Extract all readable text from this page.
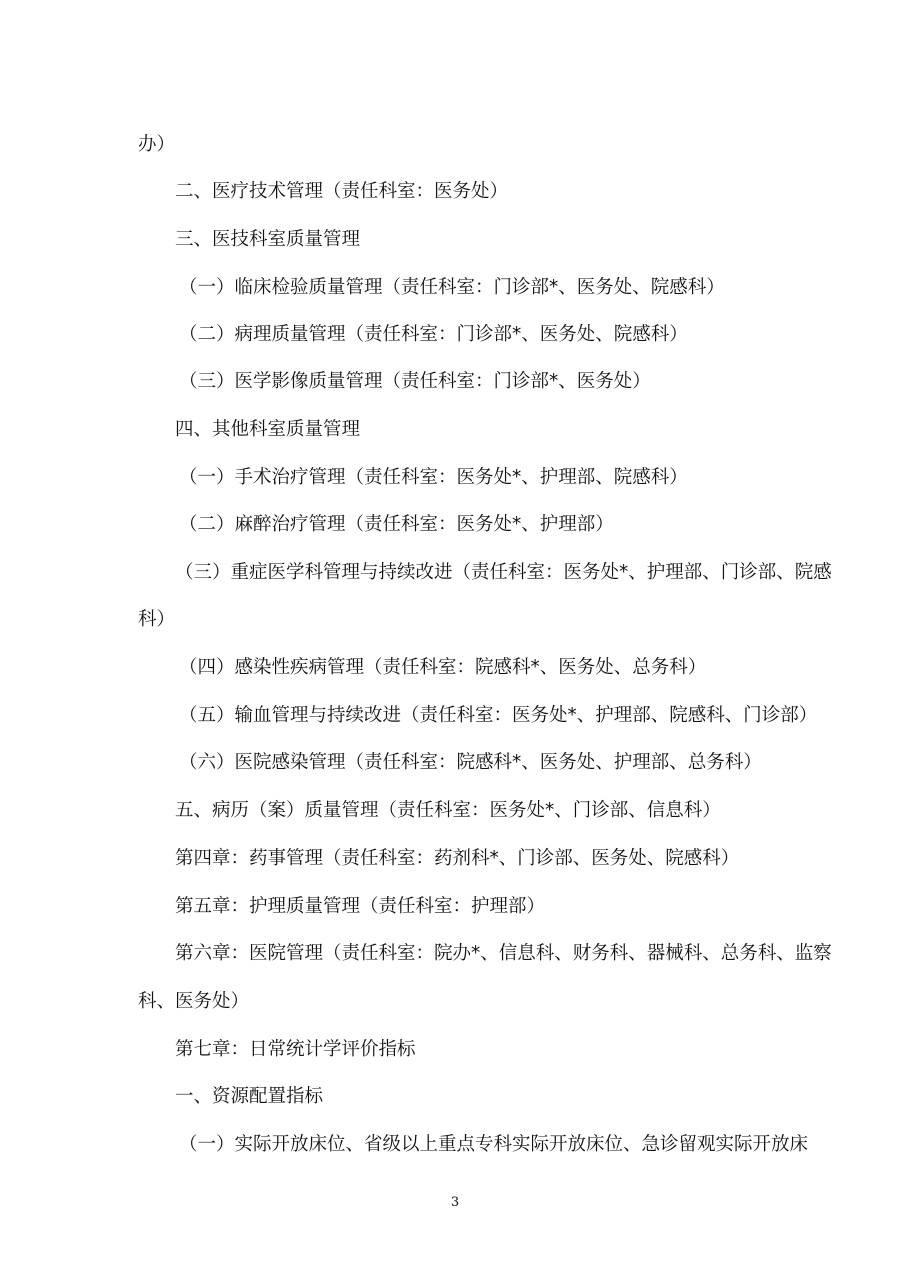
办）
二、医疗技术管理（责任科室：医务处）
三、医技科室质量管理
（一）临床检验质量管理（责任科室：门诊部*、医务处、院感科）
（二）病理质量管理（责任科室：门诊部*、医务处、院感科）
（三）医学影像质量管理（责任科室：门诊部*、医务处）
四、其他科室质量管理
（一）手术治疗管理（责任科室：医务处*、护理部、院感科）
（二）麻醉治疗管理（责任科室：医务处*、护理部）
（三）重症医学科管理与持续改进（责任科室：医务处*、护理部、门诊部、院感
科）
（四）感染性疾病管理（责任科室：院感科*、医务处、总务科）
（五）输血管理与持续改进（责任科室：医务处*、护理部、院感科、门诊部）
（六）医院感染管理（责任科室：院感科*、医务处、护理部、总务科）
五、病历（案）质量管理（责任科室：医务处*、门诊部、信息科）
第四章：药事管理（责任科室：药剂科*、门诊部、医务处、院感科）
第五章：护理质量管理（责任科室：护理部）
第六章：医院管理（责任科室：院办*、信息科、财务科、器械科、总务科、监察
科、医务处）
第七章：日常统计学评价指标
一、资源配置指标
（一）实际开放床位、省级以上重点专科实际开放床位、急诊留观实际开放床
3
